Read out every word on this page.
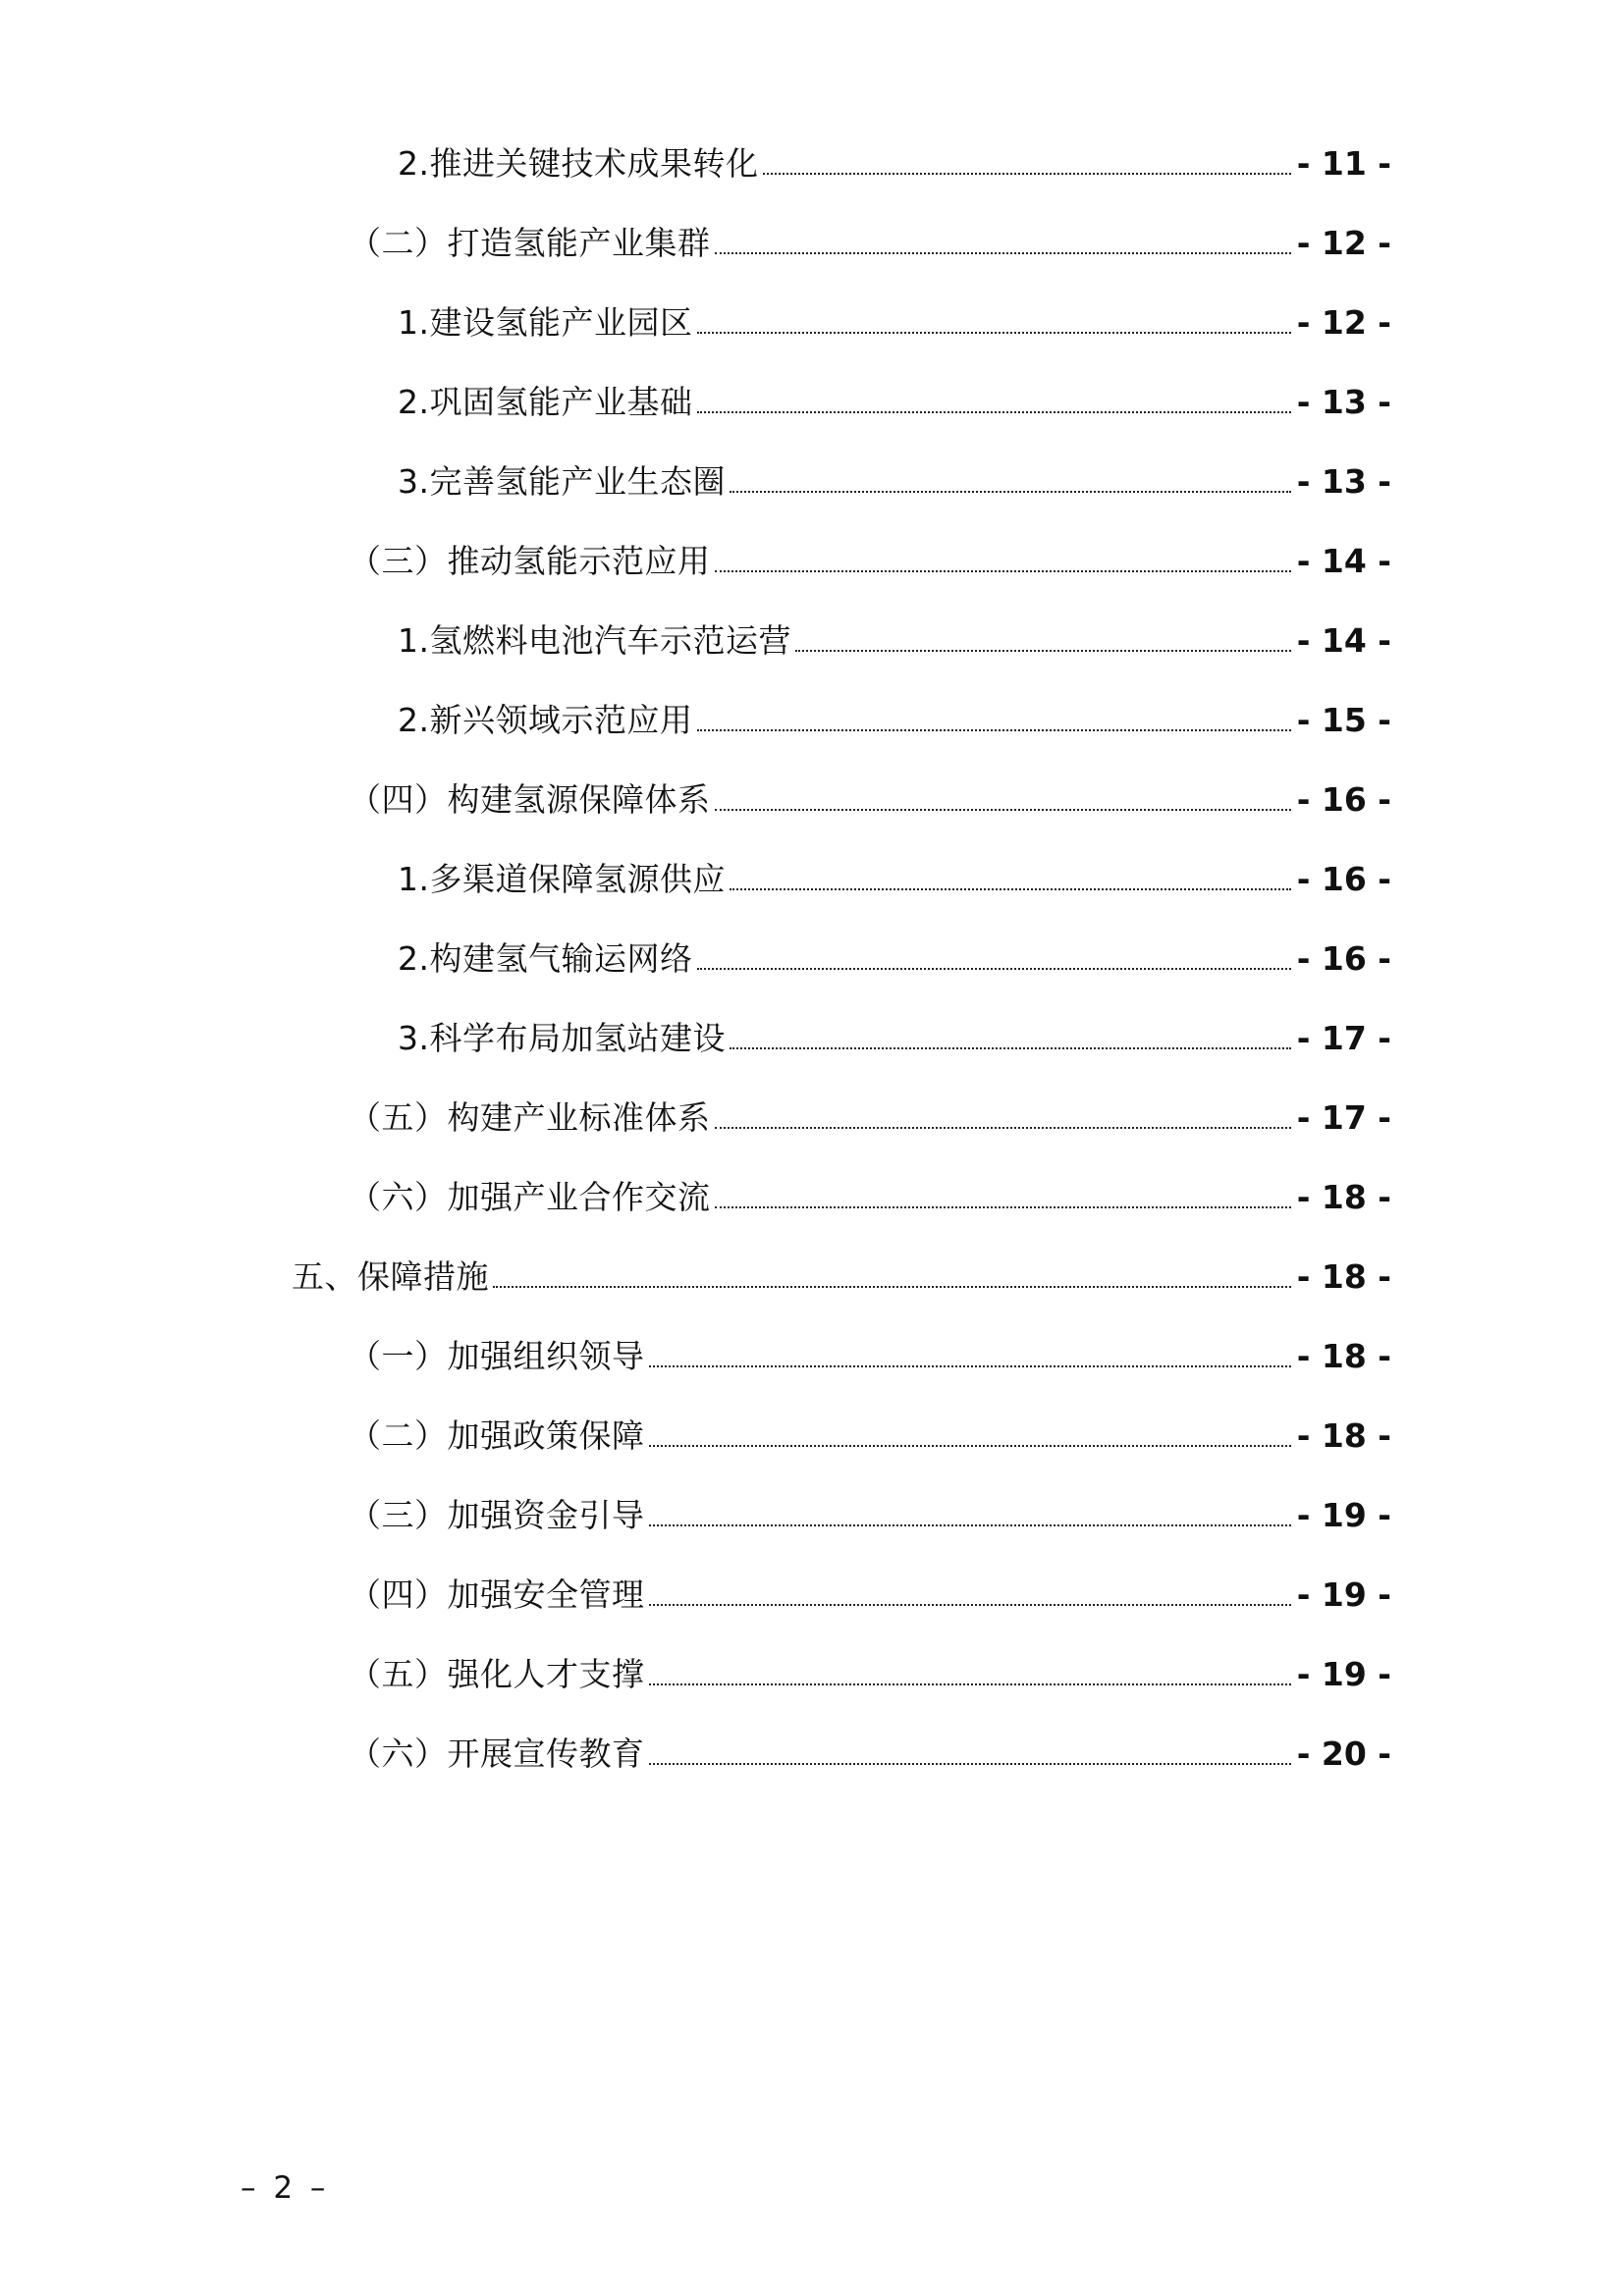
2.推进关键技术成果转化	- 11 -
（二）打造氢能产业集群	- 12 -
1.建设氢能产业园区	- 12 -
2.巩固氢能产业基础	- 13 -
3.完善氢能产业生态圈	- 13 -
（三）推动氢能示范应用	- 14 -
1.氢燃料电池汽车示范运营	- 14 -
2.新兴领域示范应用	- 15 -
（四）构建氢源保障体系	- 16 -
1.多渠道保障氢源供应	- 16 -
2.构建氢气输运网络	- 16 -
3.科学布局加氢站建设	- 17 -
（五）构建产业标准体系	- 17 -
（六）加强产业合作交流	- 18 -
五、保障措施	- 18 -
（一）加强组织领导	- 18 -
（二）加强政策保障	- 18 -
（三）加强资金引导	- 19 -
（四）加强安全管理	- 19 -
（五）强化人才支撑	- 19 -
（六）开展宣传教育	- 20 -
– 2 –
